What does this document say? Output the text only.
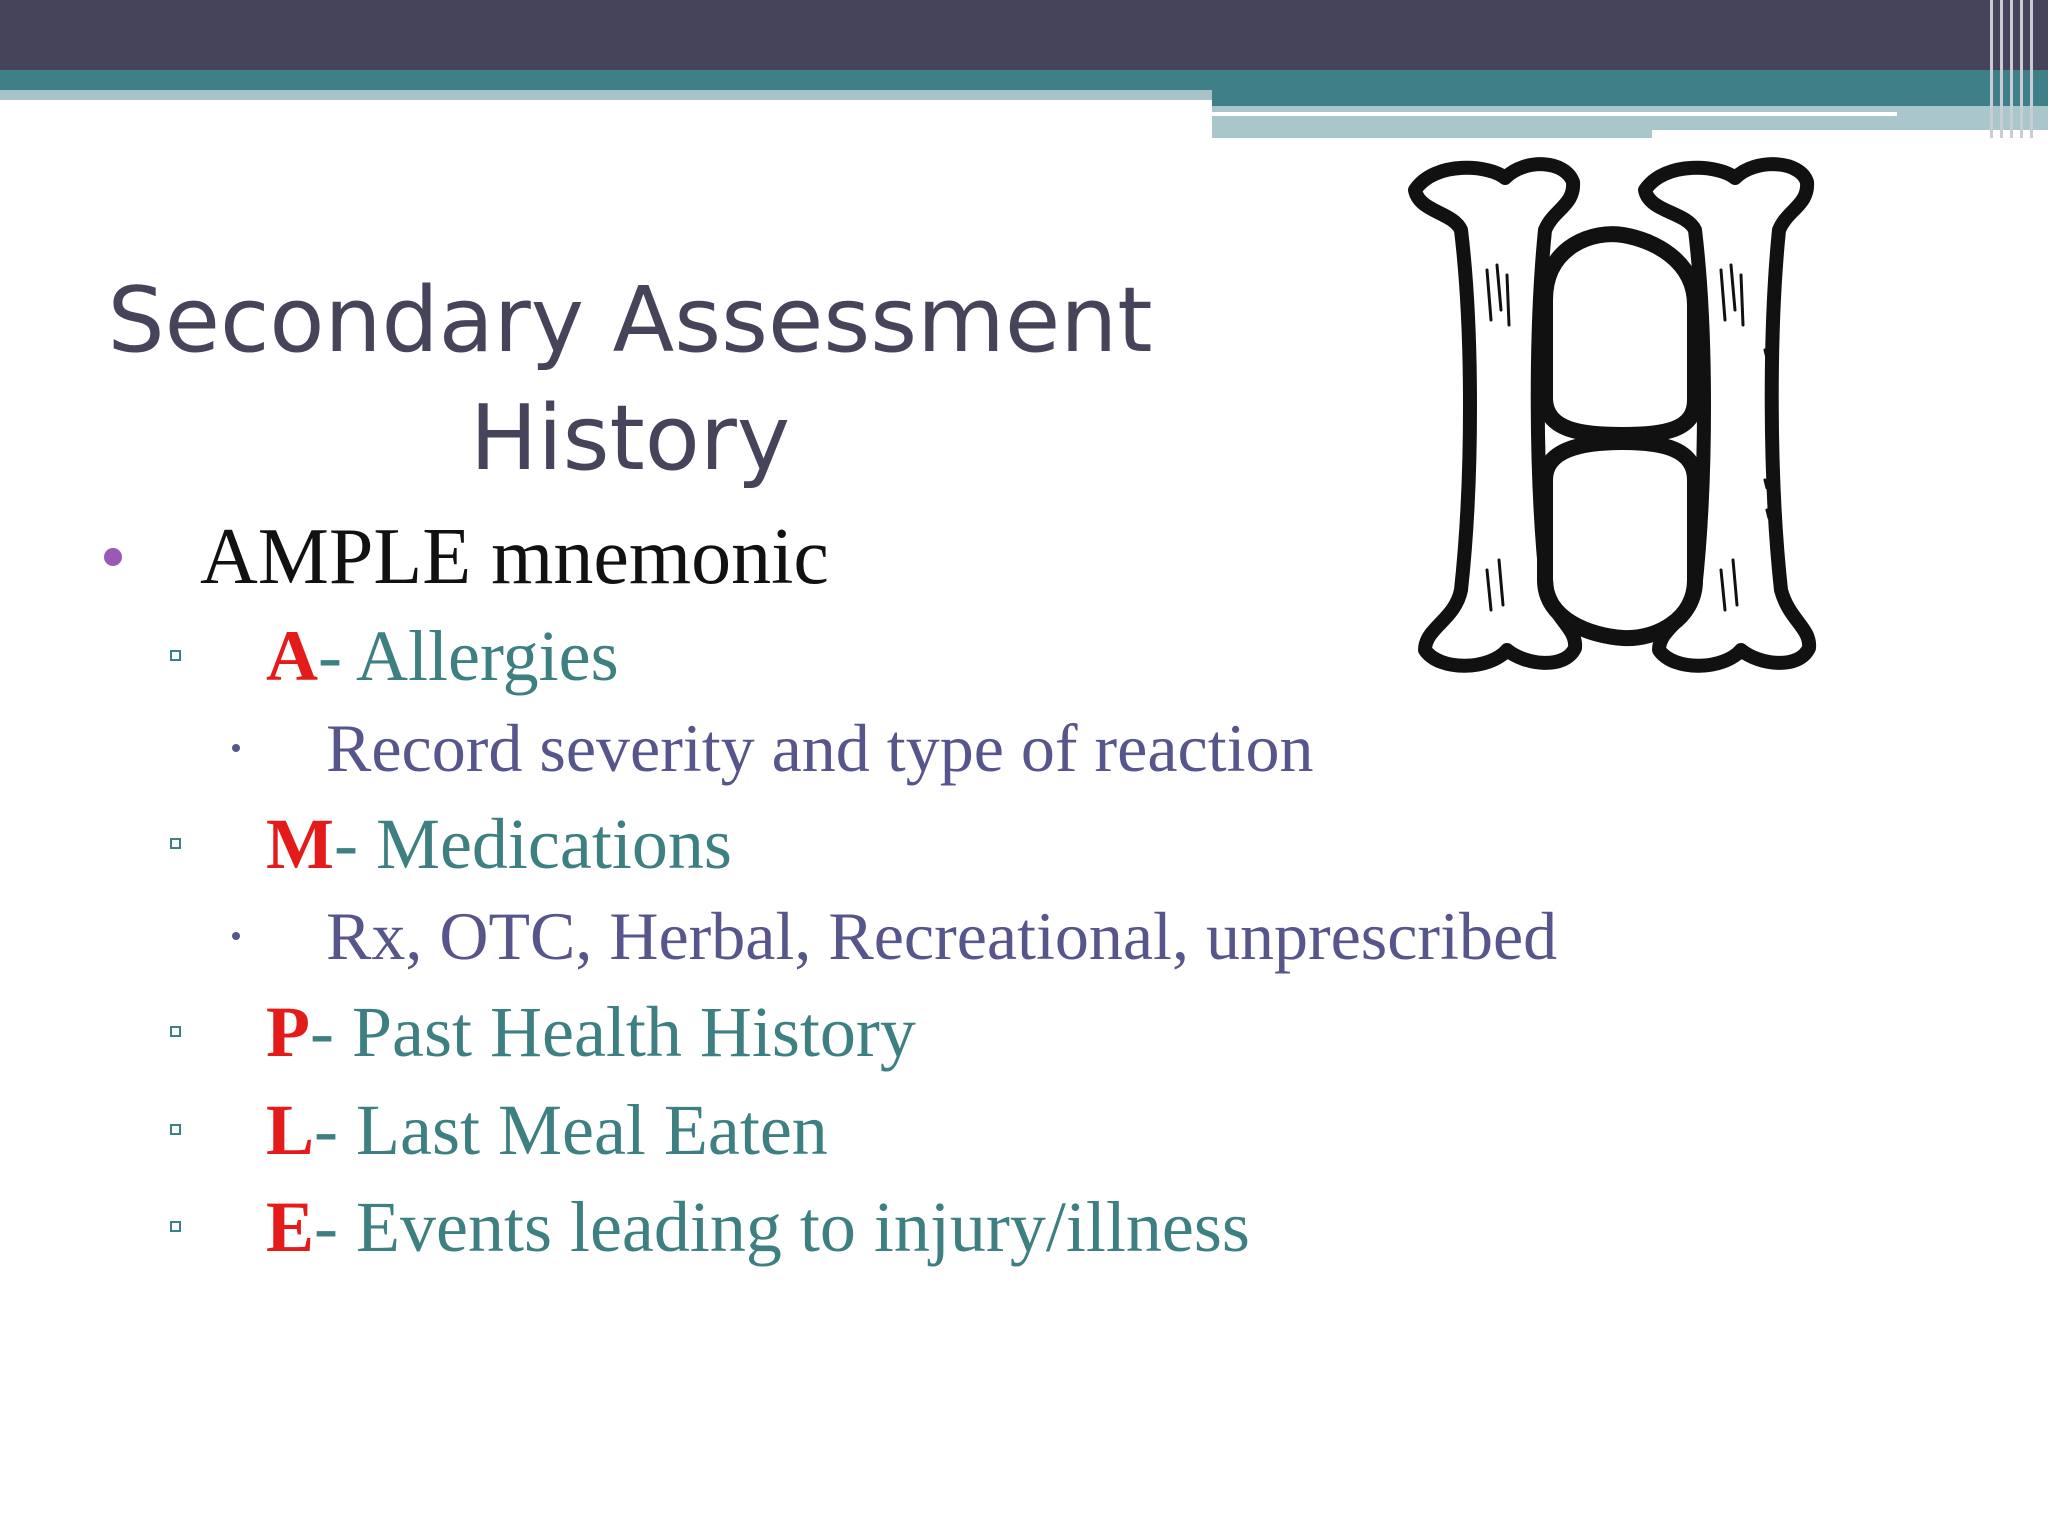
Secondary Assessment
History
AMPLE mnemonic
A- Allergies
Record severity and type of reaction
M- Medications
Rx, OTC, Herbal, Recreational, unprescribed
P- Past Health History
L- Last Meal Eaten
E- Events leading to injury/illness
